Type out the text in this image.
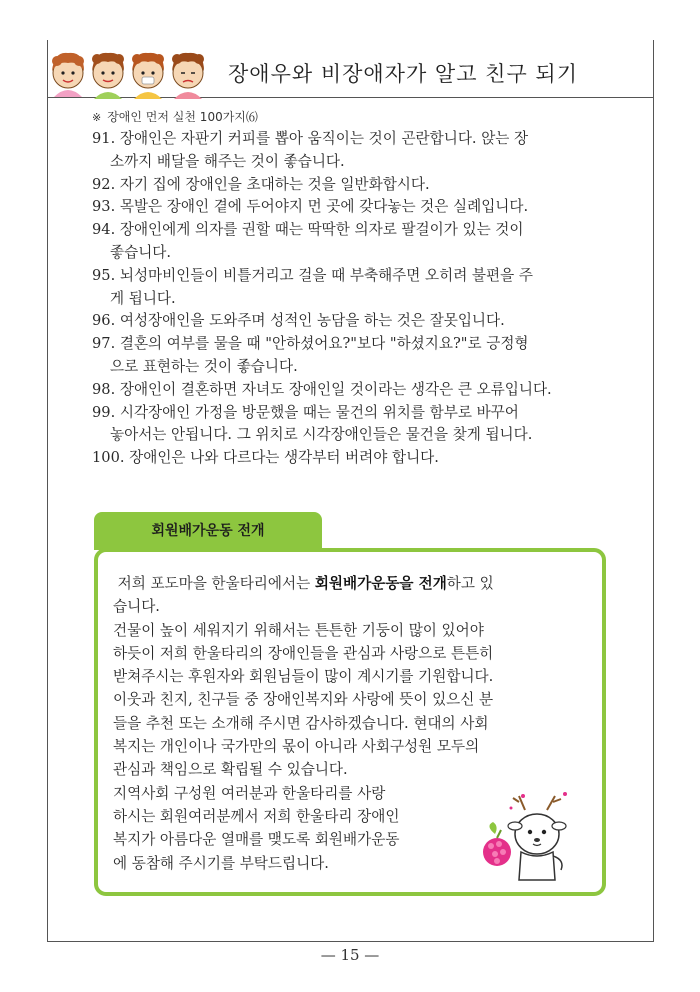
장애우와 비장애자가 알고 친구 되기
※ 장애인 먼저 실천 100가지⑹
91. 장애인은 자판기 커피를 뽑아 움직이는 것이 곤란합니다. 앉는 장
소까지 배달을 해주는 것이 좋습니다.
92. 자기 집에 장애인을 초대하는 것을 일반화합시다.
93. 목발은 장애인 곁에 두어야지 먼 곳에 갖다놓는 것은 실례입니다.
94. 장애인에게 의자를 권할 때는 딱딱한 의자로 팔걸이가 있는 것이
좋습니다.
95. 뇌성마비인들이 비틀거리고 걸을 때 부축해주면 오히려 불편을 주
게 됩니다.
96. 여성장애인을 도와주며 성적인 농담을 하는 것은 잘못입니다.
97. 결혼의 여부를 물을 때 "안하셨어요?"보다 "하셨지요?"로 긍정형
으로 표현하는 것이 좋습니다.
98. 장애인이 결혼하면 자녀도 장애인일 것이라는 생각은 큰 오류입니다.
99. 시각장애인 가정을 방문했을 때는 물건의 위치를 함부로 바꾸어
놓아서는 안됩니다. 그 위치로 시각장애인들은 물건을 찾게 됩니다.
100. 장애인은 나와 다르다는 생각부터 버려야 합니다.
회원배가운동 전개
저희 포도마을 한울타리에서는 회원배가운동을 전개하고 있
습니다.
건물이 높이 세워지기 위해서는 튼튼한 기둥이 많이 있어야
하듯이 저희 한울타리의 장애인들을 관심과 사랑으로 튼튼히
받쳐주시는 후원자와 회원님들이 많이 계시기를 기원합니다.
이웃과 친지, 친구들 중 장애인복지와 사랑에 뜻이 있으신 분
들을 추천 또는 소개해 주시면 감사하겠습니다. 현대의 사회
복지는 개인이나 국가만의 몫이 아니라 사회구성원 모두의
관심과 책임으로 확립될 수 있습니다.
지역사회 구성원 여러분과 한울타리를 사랑
하시는 회원여러분께서 저희 한울타리 장애인
복지가 아름다운 열매를 맺도록 회원배가운동
에 동참해 주시기를 부탁드립니다.
— 15 —
